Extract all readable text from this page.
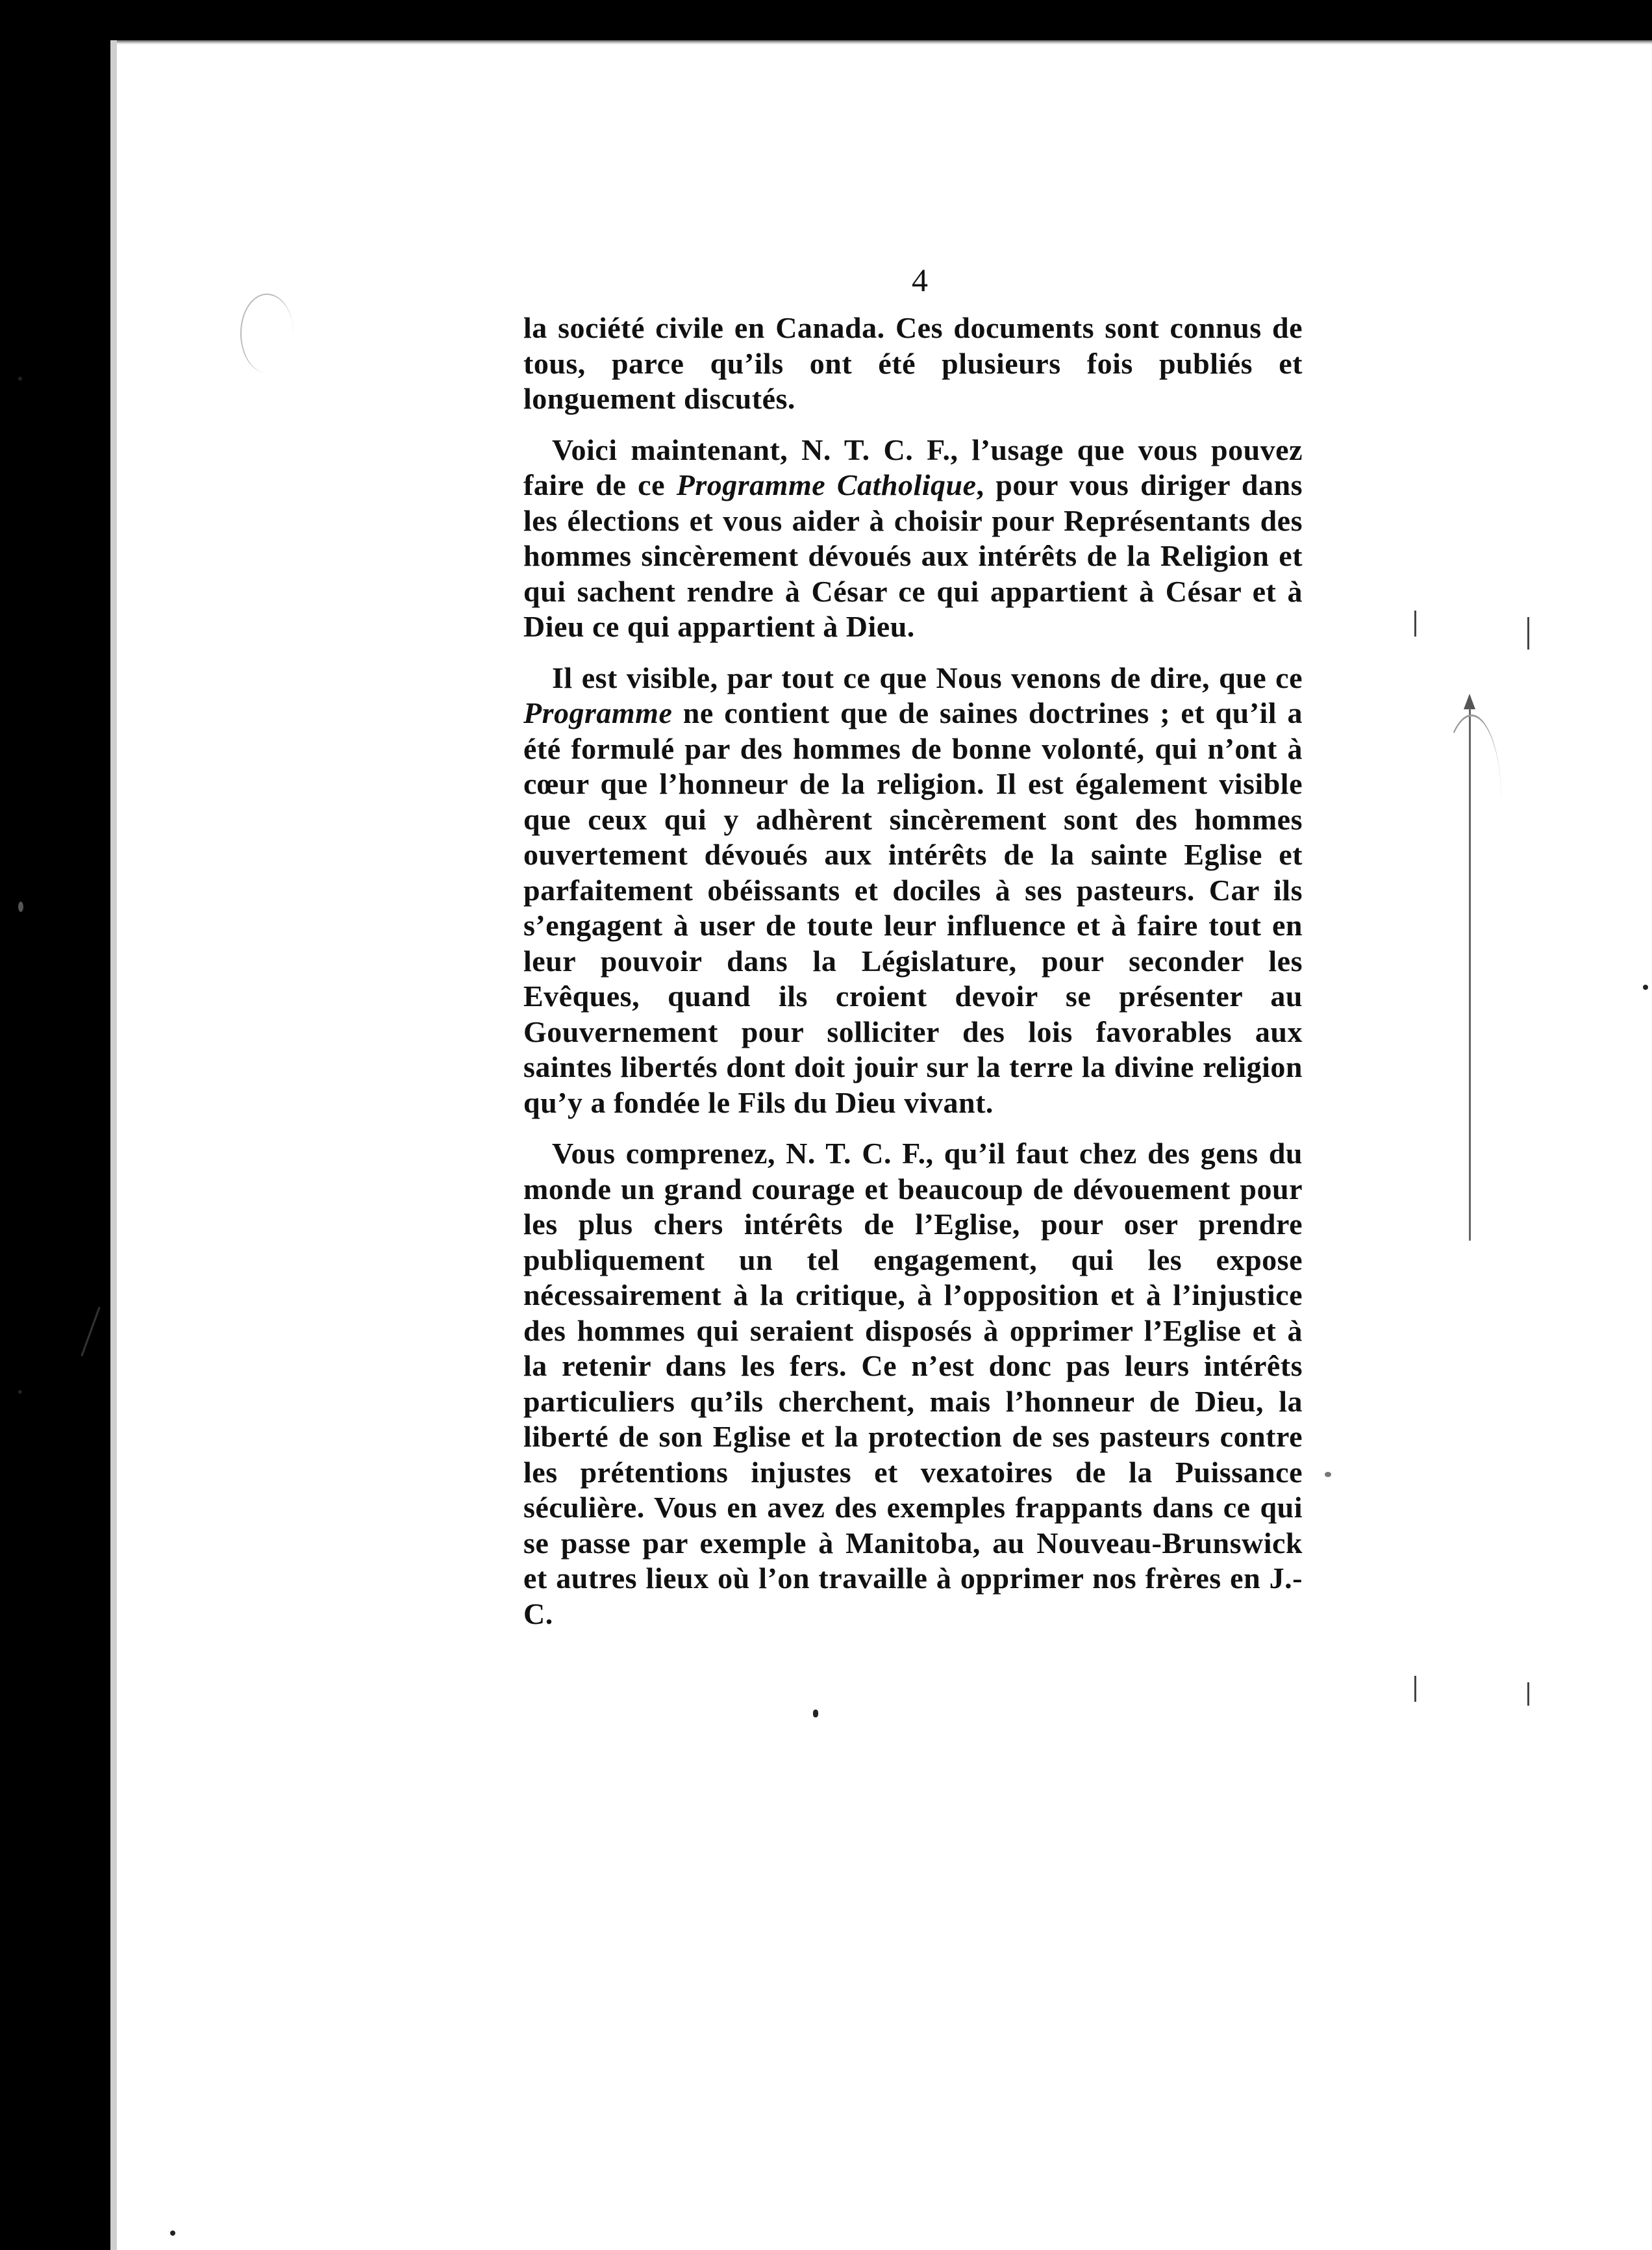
4

la société civile en Canada. Ces documents sont connus de tous, parce qu’ils ont été plusieurs fois publiés et longuement discutés.

Voici maintenant, N. T. C. F., l’usage que vous pouvez faire de ce Programme Catholique, pour vous diriger dans les élections et vous aider à choisir pour Représentants des hommes sincèrement dévoués aux intérêts de la Religion et qui sachent rendre à César ce qui appartient à César et à Dieu ce qui appartient à Dieu.

Il est visible, par tout ce que Nous venons de dire, que ce Programme ne contient que de saines doctrines ; et qu’il a été formulé par des hommes de bonne volonté, qui n’ont à cœur que l’honneur de la religion. Il est également visible que ceux qui y adhèrent sincèrement sont des hommes ouvertement dévoués aux intérêts de la sainte Eglise et parfaitement obéissants et dociles à ses pasteurs. Car ils s’engagent à user de toute leur influence et à faire tout en leur pouvoir dans la Législature, pour seconder les Evêques, quand ils croient devoir se présenter au Gouvernement pour solliciter des lois favorables aux saintes libertés dont doit jouir sur la terre la divine religion qu’y a fondée le Fils du Dieu vivant.

Vous comprenez, N. T. C. F., qu’il faut chez des gens du monde un grand courage et beaucoup de dévouement pour les plus chers intérêts de l’Eglise, pour oser prendre publiquement un tel engagement, qui les expose nécessairement à la critique, à l’opposition et à l’injustice des hommes qui seraient disposés à opprimer l’Eglise et à la retenir dans les fers. Ce n’est donc pas leurs intérêts particuliers qu’ils cherchent, mais l’honneur de Dieu, la liberté de son Eglise et la protection de ses pasteurs contre les prétentions injustes et vexatoires de la Puissance séculière. Vous en avez des exemples frappants dans ce qui se passe par exemple à Manitoba, au Nouveau-Brunswick et autres lieux où l’on travaille à opprimer nos frères en J.-C.
